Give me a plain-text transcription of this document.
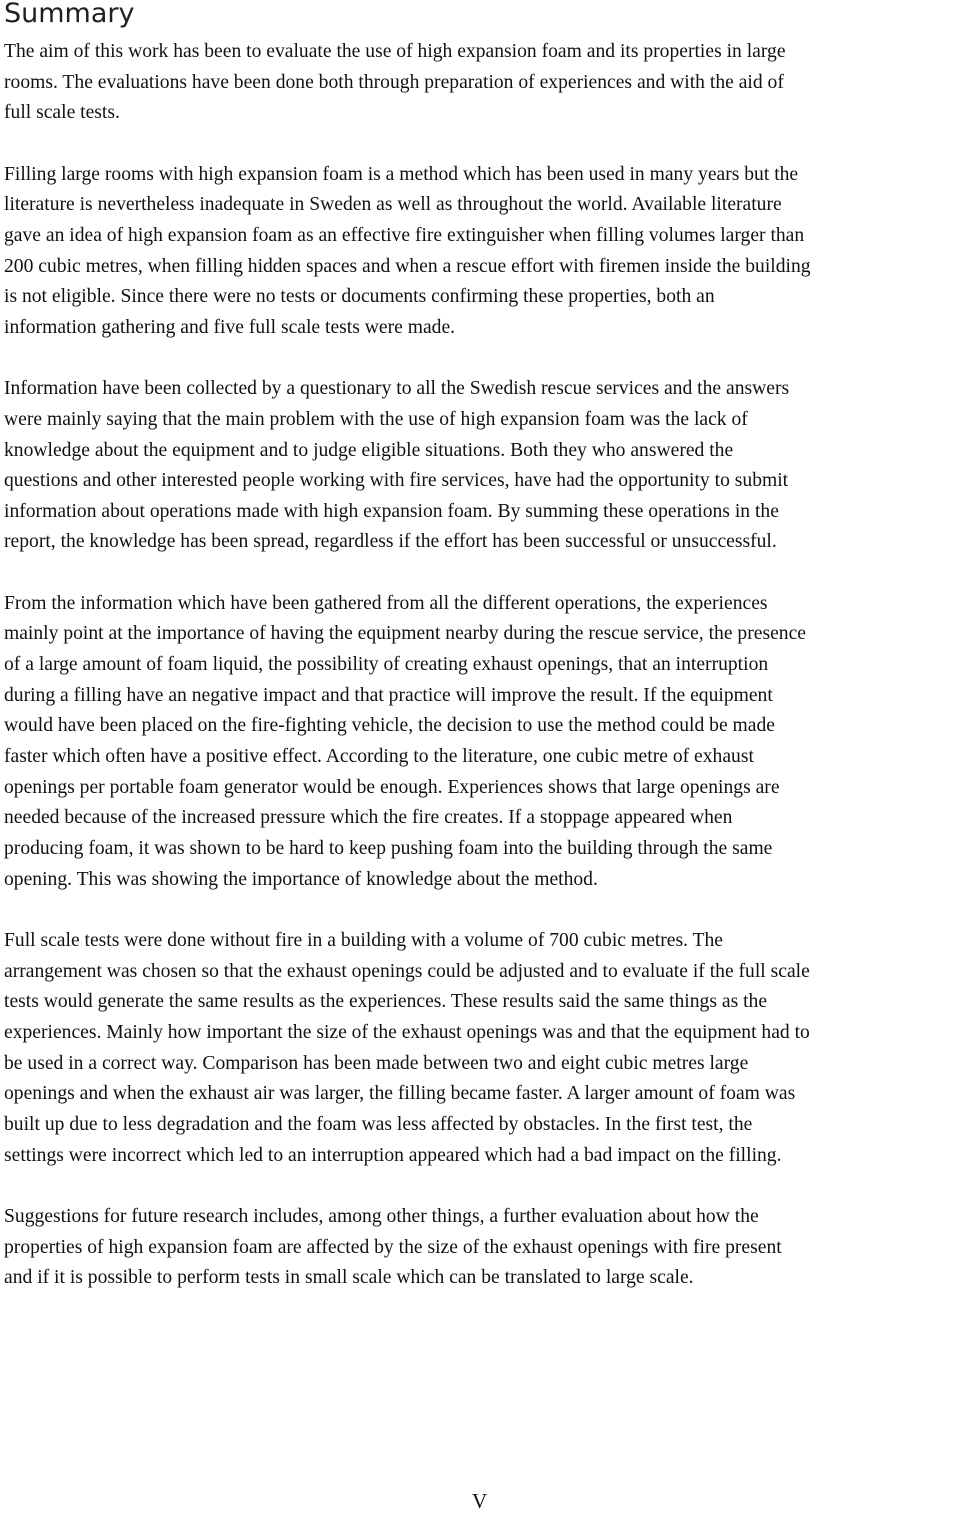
Summary

The aim of this work has been to evaluate the use of high expansion foam and its properties in large
rooms. The evaluations have been done both through preparation of experiences and with the aid of
full scale tests.

Filling large rooms with high expansion foam is a method which has been used in many years but the
literature is nevertheless inadequate in Sweden as well as throughout the world. Available literature
gave an idea of high expansion foam as an effective fire extinguisher when filling volumes larger than
200 cubic metres, when filling hidden spaces and when a rescue effort with firemen inside the building
is not eligible. Since there were no tests or documents confirming these properties, both an
information gathering and five full scale tests were made.

Information have been collected by a questionary to all the Swedish rescue services and the answers
were mainly saying that the main problem with the use of high expansion foam was the lack of
knowledge about the equipment and to judge eligible situations. Both they who answered the
questions and other interested people working with fire services, have had the opportunity to submit
information about operations made with high expansion foam. By summing these operations in the
report, the knowledge has been spread, regardless if the effort has been successful or unsuccessful.

From the information which have been gathered from all the different operations, the experiences
mainly point at the importance of having the equipment nearby during the rescue service, the presence
of a large amount of foam liquid, the possibility of creating exhaust openings, that an interruption
during a filling have an negative impact and that practice will improve the result. If the equipment
would have been placed on the fire-fighting vehicle, the decision to use the method could be made
faster which often have a positive effect. According to the literature, one cubic metre of exhaust
openings per portable foam generator would be enough. Experiences shows that large openings are
needed because of the increased pressure which the fire creates. If a stoppage appeared when
producing foam, it was shown to be hard to keep pushing foam into the building through the same
opening. This was showing the importance of knowledge about the method.

Full scale tests were done without fire in a building with a volume of 700 cubic metres. The
arrangement was chosen so that the exhaust openings could be adjusted and to evaluate if the full scale
tests would generate the same results as the experiences. These results said the same things as the
experiences. Mainly how important the size of the exhaust openings was and that the equipment had to
be used in a correct way. Comparison has been made between two and eight cubic metres large
openings and when the exhaust air was larger, the filling became faster. A larger amount of foam was
built up due to less degradation and the foam was less affected by obstacles. In the first test, the
settings were incorrect which led to an interruption appeared which had a bad impact on the filling.

Suggestions for future research includes, among other things, a further evaluation about how the
properties of high expansion foam are affected by the size of the exhaust openings with fire present
and if it is possible to perform tests in small scale which can be translated to large scale.

V
